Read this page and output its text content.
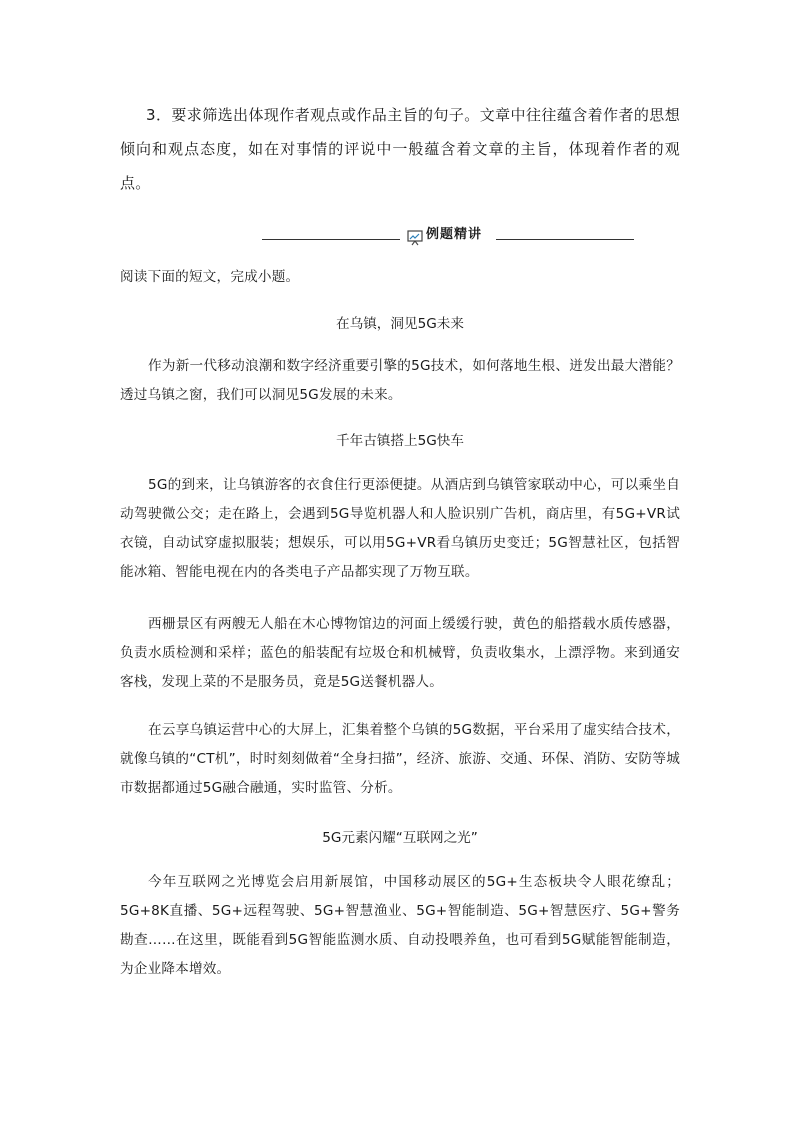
3．要求筛选出体现作者观点或作品主旨的句子。文章中往往蕴含着作者的思想倾向和观点态度，如在对事情的评说中一般蕴含着文章的主旨，体现着作者的观点。

例题精讲

阅读下面的短文，完成小题。

在乌镇，洞见5G未来

作为新一代移动浪潮和数字经济重要引擎的5G技术，如何落地生根、迸发出最大潜能？透过乌镇之窗，我们可以洞见5G发展的未来。

千年古镇搭上5G快车

5G的到来，让乌镇游客的衣食住行更添便捷。从酒店到乌镇管家联动中心，可以乘坐自动驾驶微公交；走在路上，会遇到5G导览机器人和人脸识别广告机，商店里，有5G+VR试衣镜，自动试穿虚拟服装；想娱乐，可以用5G+VR看乌镇历史变迁；5G智慧社区，包括智能冰箱、智能电视在内的各类电子产品都实现了万物互联。

西栅景区有两艘无人船在木心博物馆边的河面上缓缓行驶，黄色的船搭载水质传感器，负责水质检测和采样；蓝色的船装配有垃圾仓和机械臂，负责收集水，上漂浮物。来到通安客栈，发现上菜的不是服务员，竟是5G送餐机器人。

在云享乌镇运营中心的大屏上，汇集着整个乌镇的5G数据，平台采用了虚实结合技术，就像乌镇的“CT机”，时时刻刻做着“全身扫描”，经济、旅游、交通、环保、消防、安防等城市数据都通过5G融合融通，实时监管、分析。

5G元素闪耀“互联网之光”

今年互联网之光博览会启用新展馆，中国移动展区的5G+生态板块令人眼花缭乱；5G+8K直播、5G+远程驾驶、5G+智慧渔业、5G+智能制造、5G+智慧医疗、5G+警务勘查……在这里，既能看到5G智能监测水质、自动投喂养鱼，也可看到5G赋能智能制造，为企业降本增效。
